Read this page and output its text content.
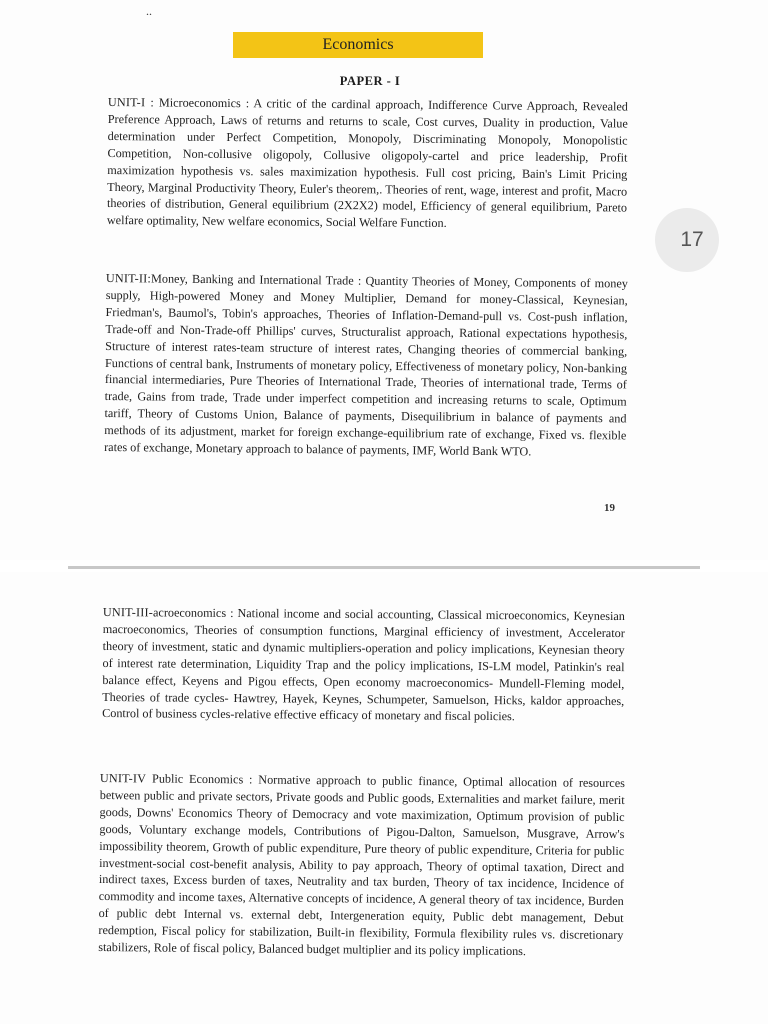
..
Economics
PAPER - I

UNIT-I : Microeconomics : A critic of the cardinal approach, Indifference Curve Approach, Revealed Preference Approach, Laws of returns and returns to scale, Cost curves, Duality in production, Value determination under Perfect Competition, Monopoly, Discriminating Monopoly, Monopolistic Competition, Non-collusive oligopoly, Collusive oligopoly-cartel and price leadership, Profit maximization hypothesis vs. sales maximization hypothesis. Full cost pricing, Bain's Limit Pricing Theory, Marginal Productivity Theory, Euler's theorem,. Theories of rent, wage, interest and profit, Macro theories of distribution, General equilibrium (2X2X2) model, Efficiency of general equilibrium, Pareto welfare optimality, New welfare economics, Social Welfare Function.

UNIT-II:Money, Banking and International Trade : Quantity Theories of Money, Components of money supply, High-powered Money and Money Multiplier, Demand for money-Classical, Keynesian, Friedman's, Baumol's, Tobin's approaches, Theories of Inflation-Demand-pull vs. Cost-push inflation, Trade-off and Non-Trade-off Phillips' curves, Structuralist approach, Rational expectations hypothesis, Structure of interest rates-team structure of interest rates, Changing theories of commercial banking, Functions of central bank, Instruments of monetary policy, Effectiveness of monetary policy, Non-banking financial intermediaries, Pure Theories of International Trade, Theories of international trade, Terms of trade, Gains from trade, Trade under imperfect competition and increasing returns to scale, Optimum tariff, Theory of Customs Union, Balance of payments, Disequilibrium in balance of payments and methods of its adjustment, market for foreign exchange-equilibrium rate of exchange, Fixed vs. flexible rates of exchange, Monetary approach to balance of payments, IMF, World Bank WTO.

19
17

UNIT-III-acroeconomics : National income and social accounting, Classical microeconomics, Keynesian macroeconomics, Theories of consumption functions, Marginal efficiency of investment, Accelerator theory of investment, static and dynamic multipliers-operation and policy implications, Keynesian theory of interest rate determination, Liquidity Trap and the policy implications, IS-LM model, Patinkin's real balance effect, Keyens and Pigou effects, Open economy macroeconomics- Mundell-Fleming model, Theories of trade cycles- Hawtrey, Hayek, Keynes, Schumpeter, Samuelson, Hicks, kaldor approaches, Control of business cycles-relative effective efficacy of monetary and fiscal policies.

UNIT-IV Public Economics : Normative approach to public finance, Optimal allocation of resources between public and private sectors, Private goods and Public goods, Externalities and market failure, merit goods, Downs' Economics Theory of Democracy and vote maximization, Optimum provision of public goods, Voluntary exchange models, Contributions of Pigou-Dalton, Samuelson, Musgrave, Arrow's impossibility theorem, Growth of public expenditure, Pure theory of public expenditure, Criteria for public investment-social cost-benefit analysis, Ability to pay approach, Theory of optimal taxation, Direct and indirect taxes, Excess burden of taxes, Neutrality and tax burden, Theory of tax incidence, Incidence of commodity and income taxes, Alternative concepts of incidence, A general theory of tax incidence, Burden of public debt Internal vs. external debt, Intergeneration equity, Public debt management, Debut redemption, Fiscal policy for stabilization, Built-in flexibility, Formula flexibility rules vs. discretionary stabilizers, Role of fiscal policy, Balanced budget multiplier and its policy implications.
